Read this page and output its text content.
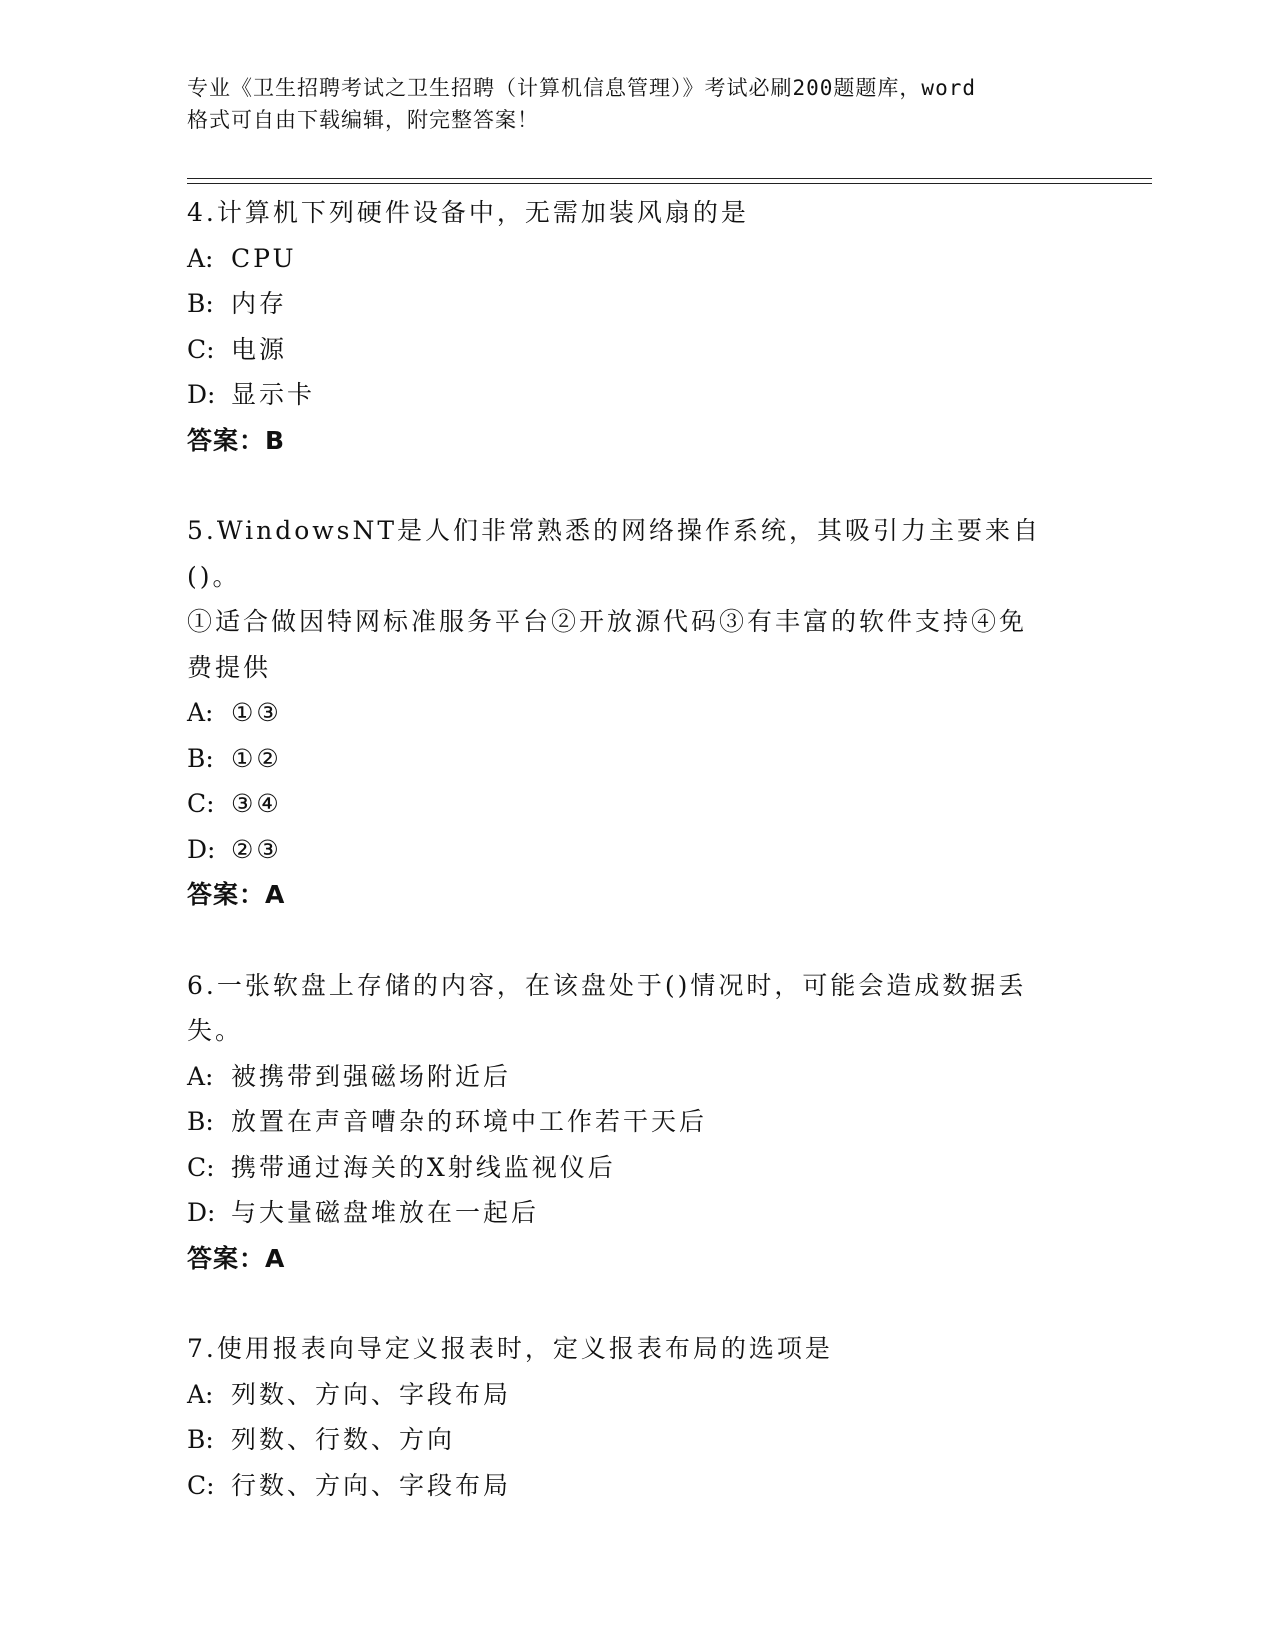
专业《卫生招聘考试之卫生招聘（计算机信息管理）》考试必刷200题题库，word
格式可自由下载编辑，附完整答案！
4.计算机下列硬件设备中，无需加装风扇的是
A: CPU
B: 内存
C: 电源
D: 显示卡
答案：B
5.WindowsNT是人们非常熟悉的网络操作系统，其吸引力主要来自()。
①适合做因特网标准服务平台②开放源代码③有丰富的软件支持④免
费提供
A: ①③
B: ①②
C: ③④
D: ②③
答案：A
6.一张软盘上存储的内容，在该盘处于()情况时，可能会造成数据丢
失。
A: 被携带到强磁场附近后
B: 放置在声音嘈杂的环境中工作若干天后
C: 携带通过海关的X射线监视仪后
D: 与大量磁盘堆放在一起后
答案：A
7.使用报表向导定义报表时，定义报表布局的选项是
A: 列数、方向、字段布局
B: 列数、行数、方向
C: 行数、方向、字段布局
